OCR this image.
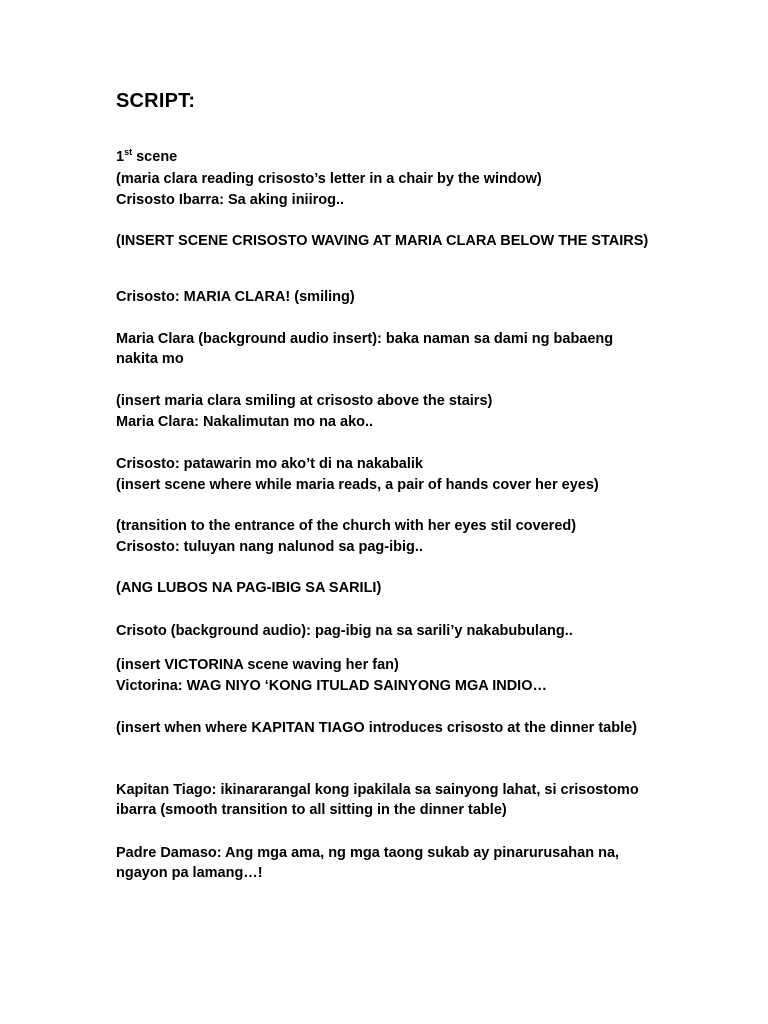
SCRIPT:
1st scene
(maria clara reading crisosto’s letter in a chair by the window)
Crisosto Ibarra: Sa aking iniirog..
(INSERT SCENE CRISOSTO WAVING AT MARIA CLARA BELOW THE STAIRS)
Crisosto: MARIA CLARA! (smiling)
Maria Clara (background audio insert): baka naman sa dami ng babaeng nakita mo
(insert maria clara smiling at crisosto above the stairs)
Maria Clara: Nakalimutan mo na ako..
Crisosto: patawarin mo ako’t di na nakabalik
(insert scene where while maria reads, a pair of hands cover her eyes)
(transition to the entrance of the church with her eyes stil covered)
Crisosto: tuluyan nang nalunod sa pag-ibig..
(ANG LUBOS NA PAG-IBIG SA SARILI)
Crisoto (background audio): pag-ibig na sa sarili’y nakabubulang..
(insert VICTORINA scene waving her fan)
Victorina: WAG NIYO ‘KONG ITULAD SAINYONG MGA INDIO…
(insert when where KAPITAN TIAGO introduces crisosto at the dinner table)
Kapitan Tiago: ikinararangal kong ipakilala sa sainyong lahat, si crisostomo ibarra (smooth transition to all sitting in the dinner table)
Padre Damaso: Ang mga ama, ng mga taong sukab ay pinarurusahan na, ngayon pa lamang…!
